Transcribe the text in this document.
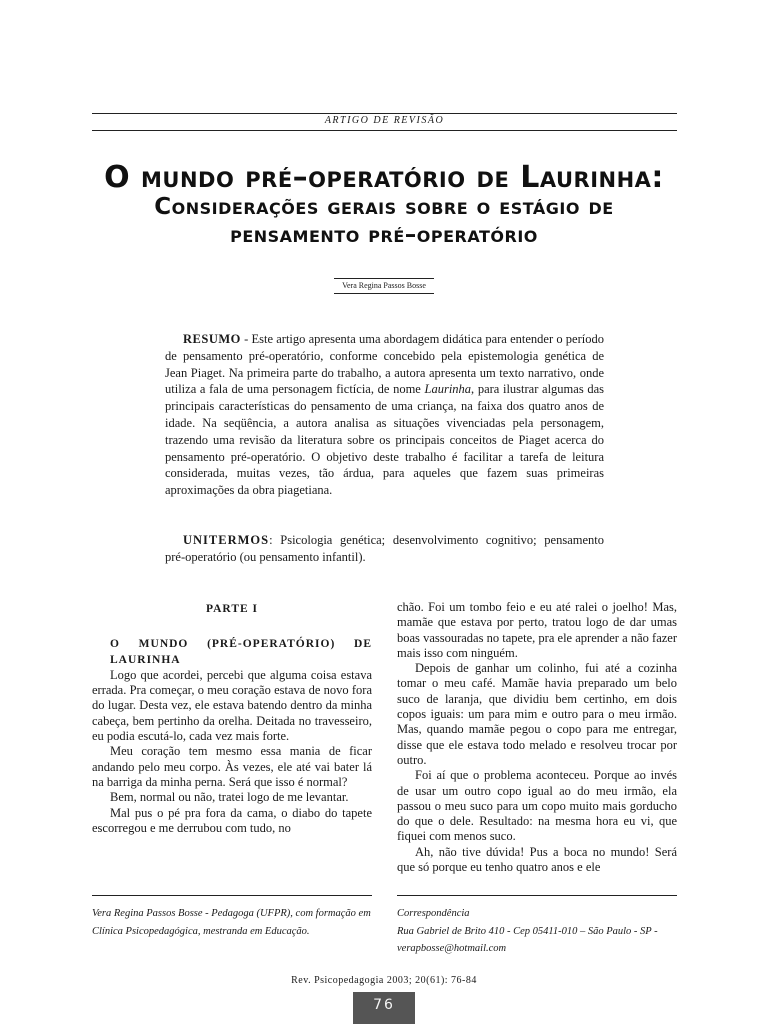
ARTIGO DE REVISÃO
O mundo pré–operatório de Laurinha:
Considerações gerais sobre o estágio de
pensamento pré–operatório
Vera Regina Passos Bosse

RESUMO - Este artigo apresenta uma abordagem didática para entender o período de pensamento pré-operatório, conforme concebido pela epistemologia genética de Jean Piaget. Na primeira parte do trabalho, a autora apresenta um texto narrativo, onde utiliza a fala de uma personagem fictícia, de nome Laurinha, para ilustrar algumas das principais características do pensamento de uma criança, na faixa dos quatro anos de idade. Na seqüência, a autora analisa as situações vivenciadas pela personagem, trazendo uma revisão da literatura sobre os principais conceitos de Piaget acerca do pensamento pré-operatório. O objetivo deste trabalho é facilitar a tarefa de leitura considerada, muitas vezes, tão árdua, para aqueles que fazem suas primeiras aproximações da obra piagetiana.

UNITERMOS: Psicologia genética; desenvolvimento cognitivo; pensamento pré-operatório (ou pensamento infantil).

PARTE I
O MUNDO (PRÉ-OPERATÓRIO) DE LAURINHA

Logo que acordei, percebi que alguma coisa estava errada. Pra começar, o meu coração estava de novo fora do lugar. Desta vez, ele estava batendo dentro da minha cabeça, bem pertinho da orelha. Deitada no travesseiro, eu podia escutá-lo, cada vez mais forte.

Meu coração tem mesmo essa mania de ficar andando pelo meu corpo. Às vezes, ele até vai bater lá na barriga da minha perna. Será que isso é normal?

Bem, normal ou não, tratei logo de me levantar.

Mal pus o pé pra fora da cama, o diabo do tapete escorregou e me derrubou com tudo, no

chão. Foi um tombo feio e eu até ralei o joelho! Mas, mamãe que estava por perto, tratou logo de dar umas boas vassouradas no tapete, pra ele aprender a não fazer mais isso com ninguém.

Depois de ganhar um colinho, fui até a cozinha tomar o meu café. Mamãe havia preparado um belo suco de laranja, que dividiu bem certinho, em dois copos iguais: um para mim e outro para o meu irmão. Mas, quando mamãe pegou o copo para me entregar, disse que ele estava todo melado e resolveu trocar por outro.

Foi aí que o problema aconteceu. Porque ao invés de usar um outro copo igual ao do meu irmão, ela passou o meu suco para um copo muito mais gorducho do que o dele. Resultado: na mesma hora eu vi, que fiquei com menos suco.

Ah, não tive dúvida! Pus a boca no mundo! Será que só porque eu tenho quatro anos e ele

Vera Regina Passos Bosse - Pedagoga (UFPR), com formação em Clínica Psicopedagógica, mestranda em Educação.

Correspondência

Rua Gabriel de Brito 410 - Cep 05411-010 – São Paulo - SP - verapbosse@hotmail.com

Rev. Psicopedagogia 2003; 20(61): 76-84
76
